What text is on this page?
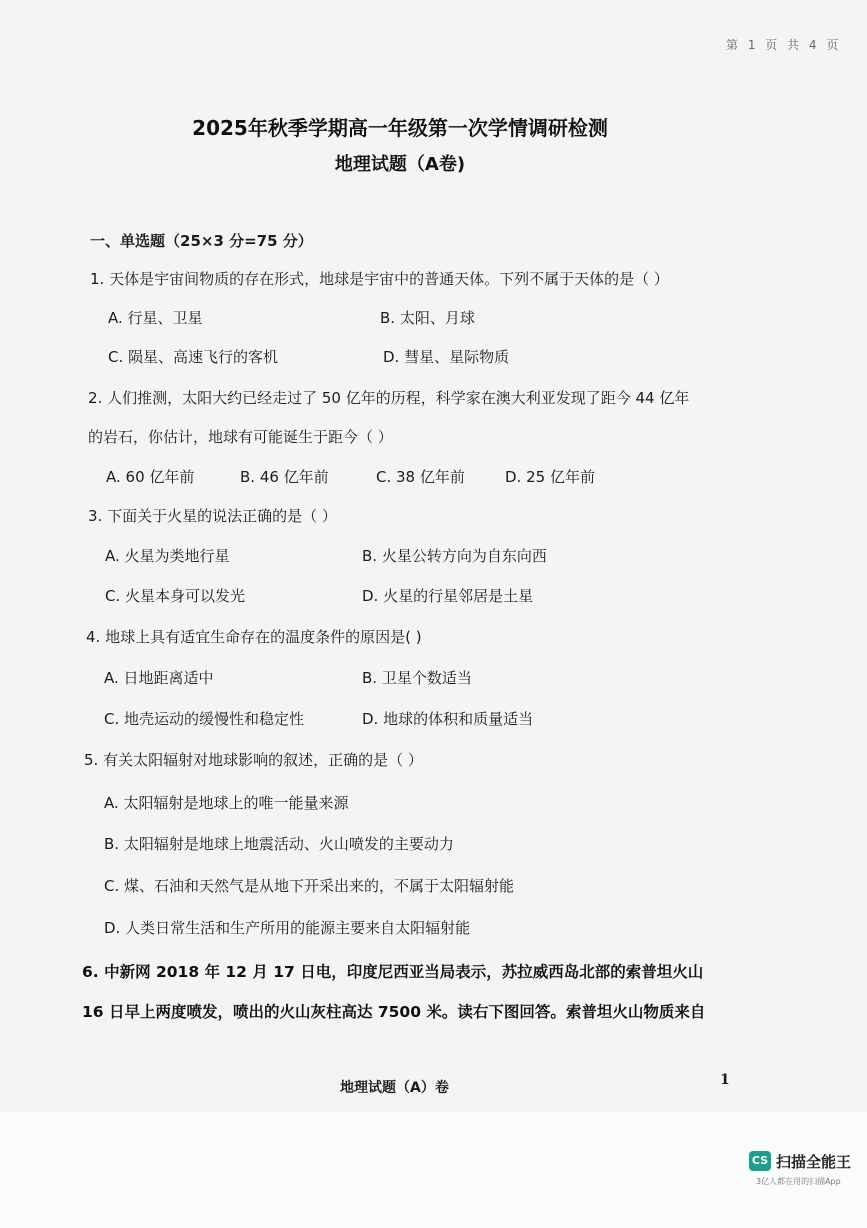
第 1 页 共 4 页
2025年秋季学期高一年级第一次学情调研检测
地理试题（A卷)
一、单选题（25×3 分=75 分）
1. 天体是宇宙间物质的存在形式，地球是宇宙中的普通天体。下列不属于天体的是（ ）
A. 行星、卫星	B. 太阳、月球
C. 陨星、高速飞行的客机	D. 彗星、星际物质
2. 人们推测，太阳大约已经走过了 50 亿年的历程，科学家在澳大利亚发现了距今 44 亿年
的岩石，你估计，地球有可能诞生于距今（ ）
A. 60 亿年前	B. 46 亿年前	C. 38 亿年前	D. 25 亿年前
3. 下面关于火星的说法正确的是（ ）
A. 火星为类地行星	B. 火星公转方向为自东向西
C. 火星本身可以发光	D. 火星的行星邻居是土星
4. 地球上具有适宜生命存在的温度条件的原因是( )
A. 日地距离适中	B. 卫星个数适当
C. 地壳运动的缓慢性和稳定性	D. 地球的体积和质量适当
5. 有关太阳辐射对地球影响的叙述，正确的是（ ）
A. 太阳辐射是地球上的唯一能量来源
B. 太阳辐射是地球上地震活动、火山喷发的主要动力
C. 煤、石油和天然气是从地下开采出来的，不属于太阳辐射能
D. 人类日常生活和生产所用的能源主要来自太阳辐射能
6. 中新网 2018 年 12 月 17 日电，印度尼西亚当局表示，苏拉威西岛北部的索普坦火山
16 日早上两度喷发，喷出的火山灰柱高达 7500 米。读右下图回答。索普坦火山物质来自
地理试题（A）卷	1
CS 扫描全能王
3亿人都在用的扫描App
